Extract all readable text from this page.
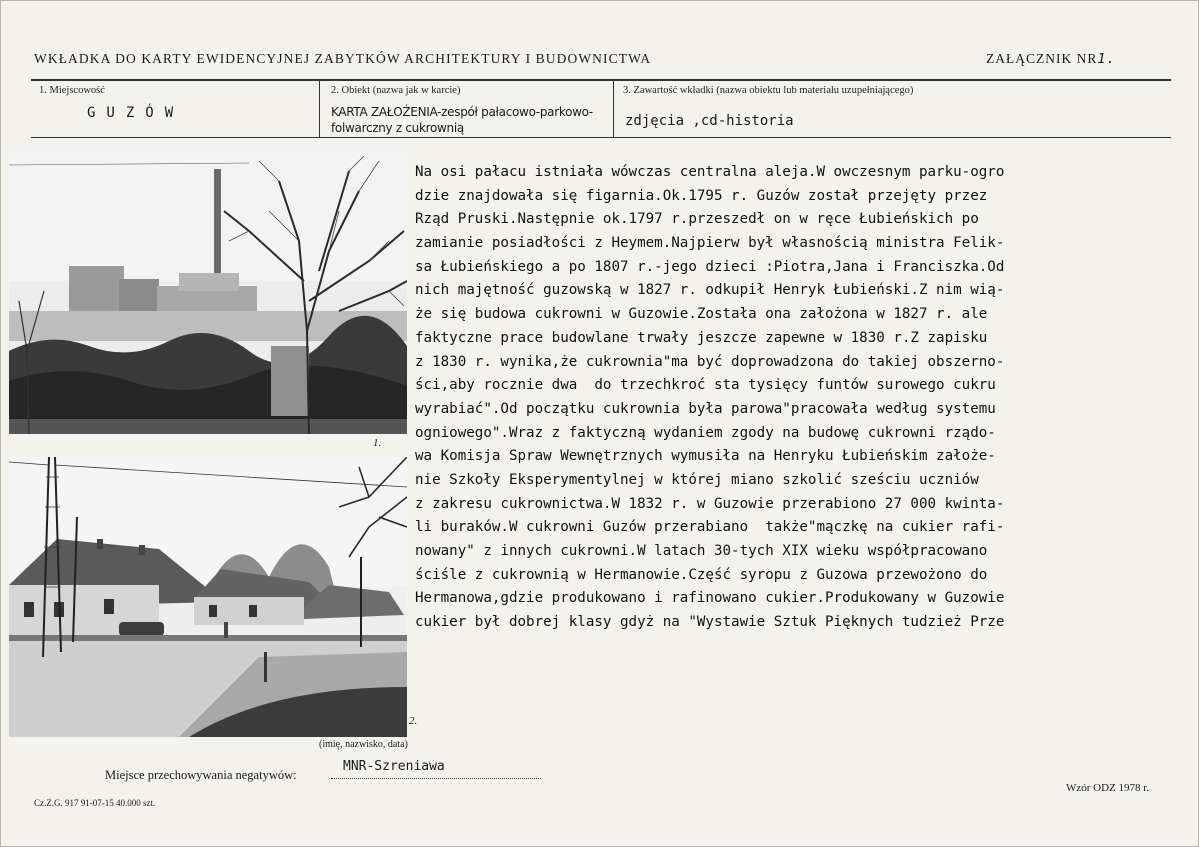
WKŁADKA DO KARTY EWIDENCYJNEJ ZABYTKÓW ARCHITEKTURY I BUDOWNICTWA	ZAŁĄCZNIK NR1.
1. Miejscowość
GUZÓW
2. Obiekt (nazwa jak w karcie)
KARTA ZAŁOŻENIA-zespół pałacowo-parkowo-folwarczny z cukrownią
3. Zawartość wkładki (nazwa obiektu lub materiału uzupełniającego)
zdjęcia ,cd-historia
1.
2.
Na osi pałacu istniała wówczas centralna aleja.W owczesnym parku-ogro
dzie znajdowała się figarnia.Ok.1795 r. Guzów został przejęty przez
Rząd Pruski.Następnie ok.1797 r.przeszedł on w ręce Łubieńskich po
zamianie posiadłości z Heymem.Najpierw był własnością ministra Felik-
sa Łubieńskiego a po 1807 r.-jego dzieci :Piotra,Jana i Franciszka.Od
nich majętność guzowską w 1827 r. odkupił Henryk Łubieński.Z nim wią-
że się budowa cukrowni w Guzowie.Została ona założona w 1827 r. ale
faktyczne prace budowlane trwały jeszcze zapewne w 1830 r.Z zapisku
z 1830 r. wynika,że cukrownia"ma być doprowadzona do takiej obszerno-
ści,aby rocznie dwa  do trzechkroć sta tysięcy funtów surowego cukru
wyrabiać".Od początku cukrownia była parowa"pracowała według systemu
ogniowego".Wraz z faktyczną wydaniem zgody na budowę cukrowni rządo-
wa Komisja Spraw Wewnętrznych wymusiła na Henryku Łubieńskim założe-
nie Szkoły Eksperymentylnej w której miano szkolić sześciu uczniów
z zakresu cukrownictwa.W 1832 r. w Guzowie przerabiono 27 000 kwinta-
li buraków.W cukrowni Guzów przerabiano  także"mączkę na cukier rafi-
nowany" z innych cukrowni.W latach 30-tych XIX wieku współpracowano
ściśle z cukrownią w Hermanowie.Część syropu z Guzowa przewożono do
Hermanowa,gdzie produkowano i rafinowano cukier.Produkowany w Guzowie
cukier był dobrej klasy gdyż na "Wystawie Sztuk Pięknych tudzież Prze
(imię, nazwisko, data)
Miejsce przechowywania negatywów:
MNR-Szreniawa
Cz.Z.G. 917 91-07-15 40.000 szt.
Wzór ODZ 1978 r.
